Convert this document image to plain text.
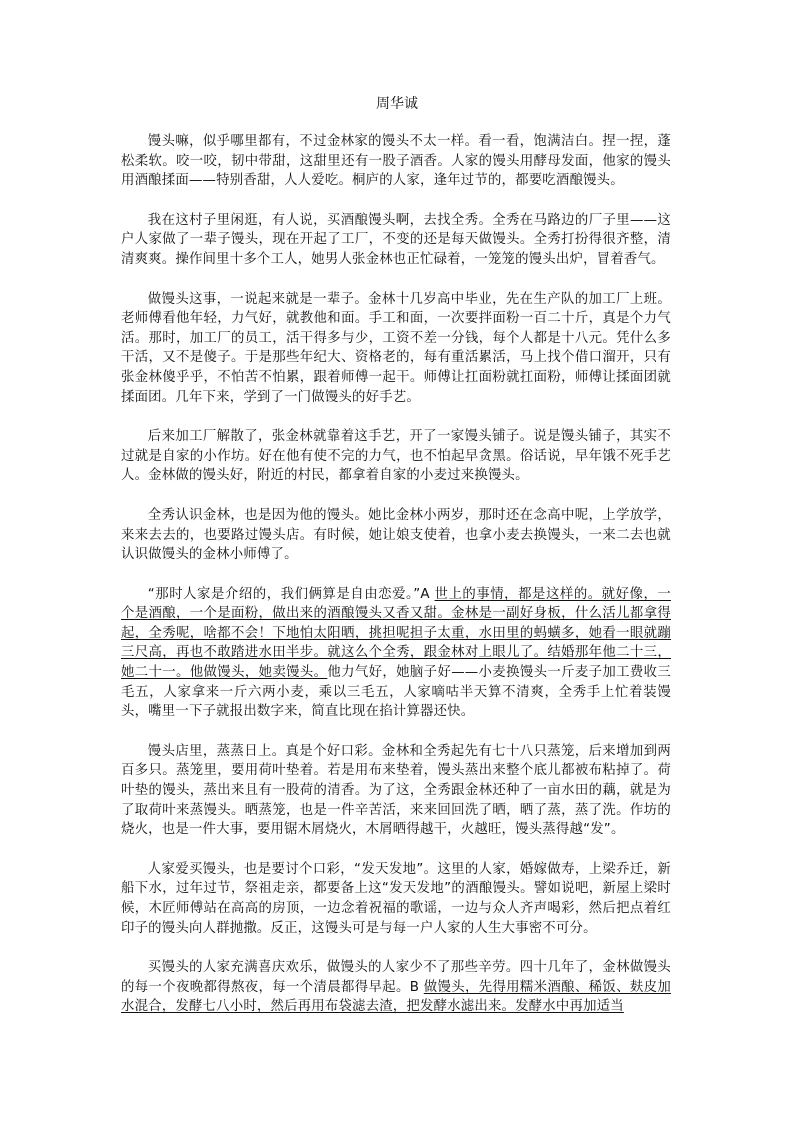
周华诚

馒头嘛，似乎哪里都有，不过金林家的馒头不太一样。看一看，饱满洁白。捏一捏，蓬松柔软。咬一咬，韧中带甜，这甜里还有一股子酒香。人家的馒头用酵母发面，他家的馒头用酒酿揉面——特别香甜，人人爱吃。桐庐的人家，逢年过节的，都要吃酒酿馒头。

我在这村子里闲逛，有人说，买酒酿馒头啊，去找全秀。全秀在马路边的厂子里——这户人家做了一辈子馒头，现在开起了工厂，不变的还是每天做馒头。全秀打扮得很齐整，清清爽爽。操作间里十多个工人，她男人张金林也正忙碌着，一笼笼的馒头出炉，冒着香气。

做馒头这事，一说起来就是一辈子。金林十几岁高中毕业，先在生产队的加工厂上班。老师傅看他年轻，力气好，就教他和面。手工和面，一次要拌面粉一百二十斤，真是个力气活。那时，加工厂的员工，活干得多与少，工资不差一分钱，每个人都是十八元。凭什么多干活，又不是傻子。于是那些年纪大、资格老的，每有重活累活，马上找个借口溜开，只有张金林傻乎乎，不怕苦不怕累，跟着师傅一起干。师傅让扛面粉就扛面粉，师傅让揉面团就揉面团。几年下来，学到了一门做馒头的好手艺。

后来加工厂解散了，张金林就靠着这手艺，开了一家馒头铺子。说是馒头铺子，其实不过就是自家的小作坊。好在他有使不完的力气，也不怕起早贪黑。俗话说，早年饿不死手艺人。金林做的馒头好，附近的村民，都拿着自家的小麦过来换馒头。

全秀认识金林，也是因为他的馒头。她比金林小两岁，那时还在念高中呢，上学放学，来来去去的，也要路过馒头店。有时候，她让娘支使着，也拿小麦去换馒头，一来二去也就认识做馒头的金林小师傅了。

“那时人家是介绍的，我们俩算是自由恋爱。”A 世上的事情，都是这样的。就好像，一个是酒酿，一个是面粉，做出来的酒酿馒头又香又甜。金林是一副好身板，什么活儿都拿得起，全秀呢，啥都不会！下地怕太阳晒，挑担呢担子太重，水田里的蚂蟥多，她看一眼就蹦三尺高，再也不敢踏进水田半步。就这么个全秀，跟金林对上眼儿了。结婚那年他二十三，她二十一。他做馒头，她卖馒头。他力气好，她脑子好——小麦换馒头一斤麦子加工费收三毛五，人家拿来一斤六两小麦，乘以三毛五，人家嘀咕半天算不清爽，全秀手上忙着装馒头，嘴里一下子就报出数字来，简直比现在掐计算器还快。

馒头店里，蒸蒸日上。真是个好口彩。金林和全秀起先有七十八只蒸笼，后来增加到两百多只。蒸笼里，要用荷叶垫着。若是用布来垫着，馒头蒸出来整个底儿都被布粘掉了。荷叶垫的馒头，蒸出来且有一股荷的清香。为了这，全秀跟金林还种了一亩水田的藕，就是为了取荷叶来蒸馒头。晒蒸笼，也是一件辛苦活，来来回回洗了晒，晒了蒸，蒸了洗。作坊的烧火，也是一件大事，要用锯木屑烧火，木屑晒得越干，火越旺，馒头蒸得越“发”。

人家爱买馒头，也是要讨个口彩，“发天发地”。这里的人家，婚嫁做寿，上梁乔迁，新船下水，过年过节，祭祖走亲，都要备上这“发天发地”的酒酿馒头。譬如说吧，新屋上梁时候，木匠师傅站在高高的房顶，一边念着祝福的歌谣，一边与众人齐声喝彩，然后把点着红印子的馒头向人群抛撒。反正，这馒头可是与每一户人家的人生大事密不可分。

买馒头的人家充满喜庆欢乐，做馒头的人家少不了那些辛劳。四十几年了，金林做馒头的每一个夜晚都得熬夜，每一个清晨都得早起。B 做馒头，先得用糯米酒酿、稀饭、麸皮加水混合，发酵七八小时，然后再用布袋滤去渣，把发酵水滤出来。发酵水中再加适当
